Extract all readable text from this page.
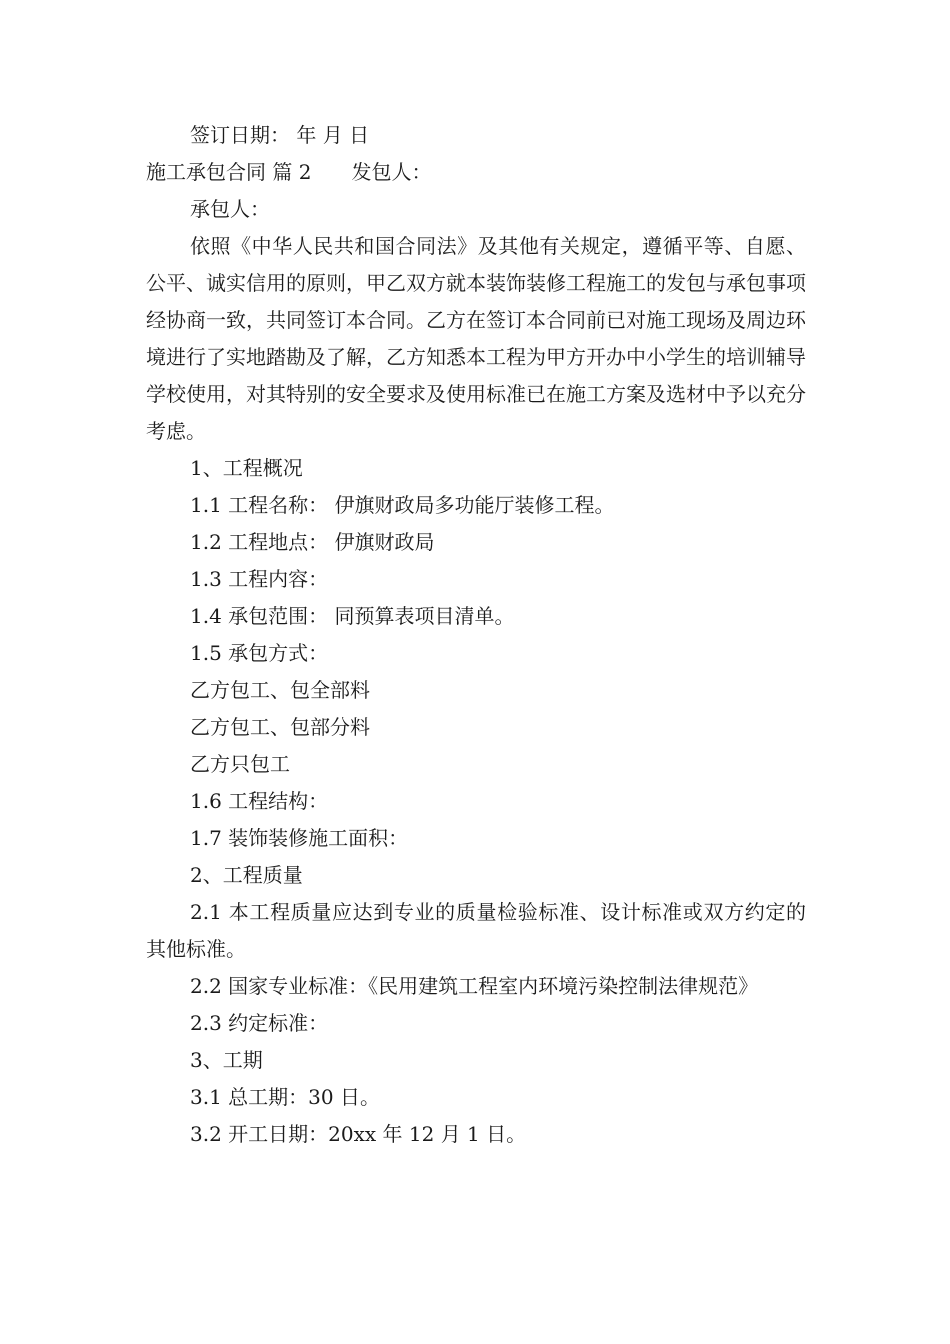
签订日期： 年 月 日
施工承包合同 篇 2 发包人：
承包人：
依照《中华人民共和国合同法》及其他有关规定，遵循平等、自愿、公平、诚实信用的原则，甲乙双方就本装饰装修工程施工的发包与承包事项经协商一致，共同签订本合同。乙方在签订本合同前已对施工现场及周边环境进行了实地踏勘及了解，乙方知悉本工程为甲方开办中小学生的培训辅导学校使用，对其特别的安全要求及使用标准已在施工方案及选材中予以充分考虑。
1、工程概况
1.1 工程名称： 伊旗财政局多功能厅装修工程。
1.2 工程地点： 伊旗财政局
1.3 工程内容：
1.4 承包范围： 同预算表项目清单。
1.5 承包方式：
乙方包工、包全部料
乙方包工、包部分料
乙方只包工
1.6 工程结构：
1.7 装饰装修施工面积：
2、工程质量
2.1 本工程质量应达到专业的质量检验标准、设计标准或双方约定的其他标准。
2.2 国家专业标准：《民用建筑工程室内环境污染控制法律规范》
2.3 约定标准：
3、工期
3.1 总工期：30 日。
3.2 开工日期：20xx 年 12 月 1 日。
